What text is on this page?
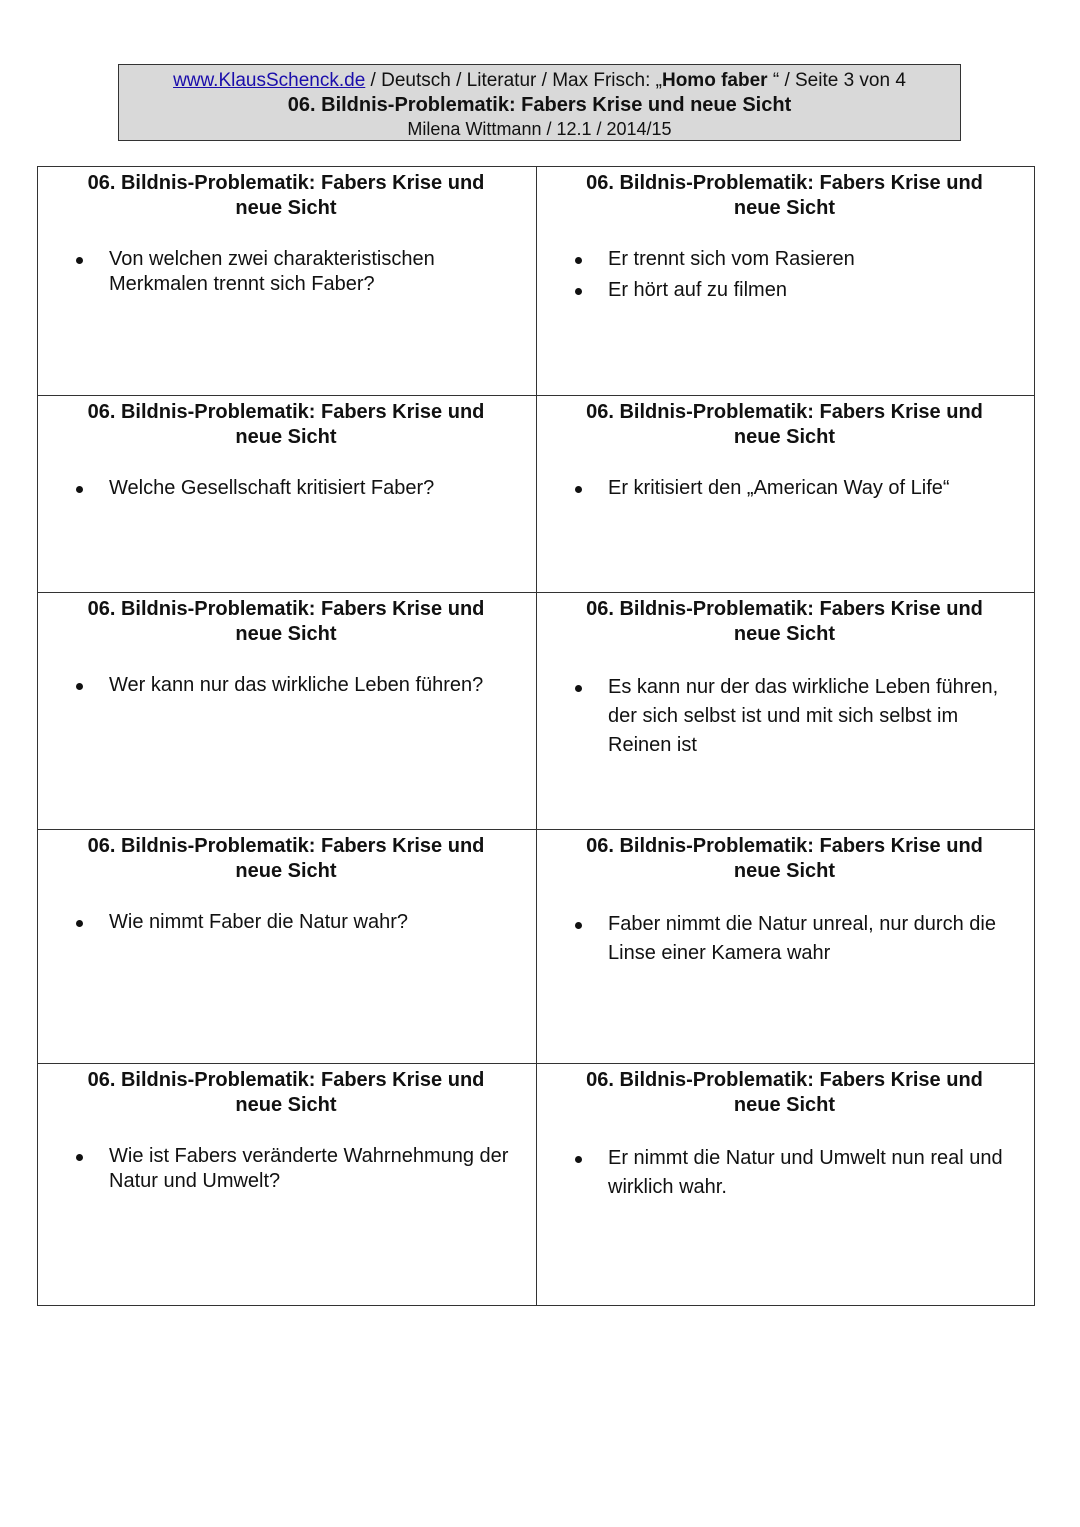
www.KlausSchenck.de / Deutsch / Literatur / Max Frisch: „Homo faber “ / Seite 3 von 4
06. Bildnis-Problematik: Fabers Krise und neue Sicht
Milena Wittmann / 12.1 / 2014/15
06. Bildnis-Problematik: Fabers Krise und neue Sicht
Von welchen zwei charakteristischen Merkmalen trennt sich Faber?
06. Bildnis-Problematik: Fabers Krise und neue Sicht
Er trennt sich vom Rasieren
Er hört auf zu filmen
06. Bildnis-Problematik: Fabers Krise und neue Sicht
Welche Gesellschaft kritisiert Faber?
06. Bildnis-Problematik: Fabers Krise und neue Sicht
Er kritisiert den „American Way of Life“
06. Bildnis-Problematik: Fabers Krise und neue Sicht
Wer kann nur das wirkliche Leben führen?
06. Bildnis-Problematik: Fabers Krise und neue Sicht
Es kann nur der das wirkliche Leben führen, der sich selbst ist und mit sich selbst im Reinen ist
06. Bildnis-Problematik: Fabers Krise und neue Sicht
Wie nimmt Faber die Natur wahr?
06. Bildnis-Problematik: Fabers Krise und neue Sicht
Faber nimmt die Natur unreal, nur durch die Linse einer Kamera wahr
06. Bildnis-Problematik: Fabers Krise und neue Sicht
Wie ist Fabers veränderte Wahrnehmung der Natur und Umwelt?
06. Bildnis-Problematik: Fabers Krise und neue Sicht
Er nimmt die Natur und Umwelt nun real und wirklich wahr.
